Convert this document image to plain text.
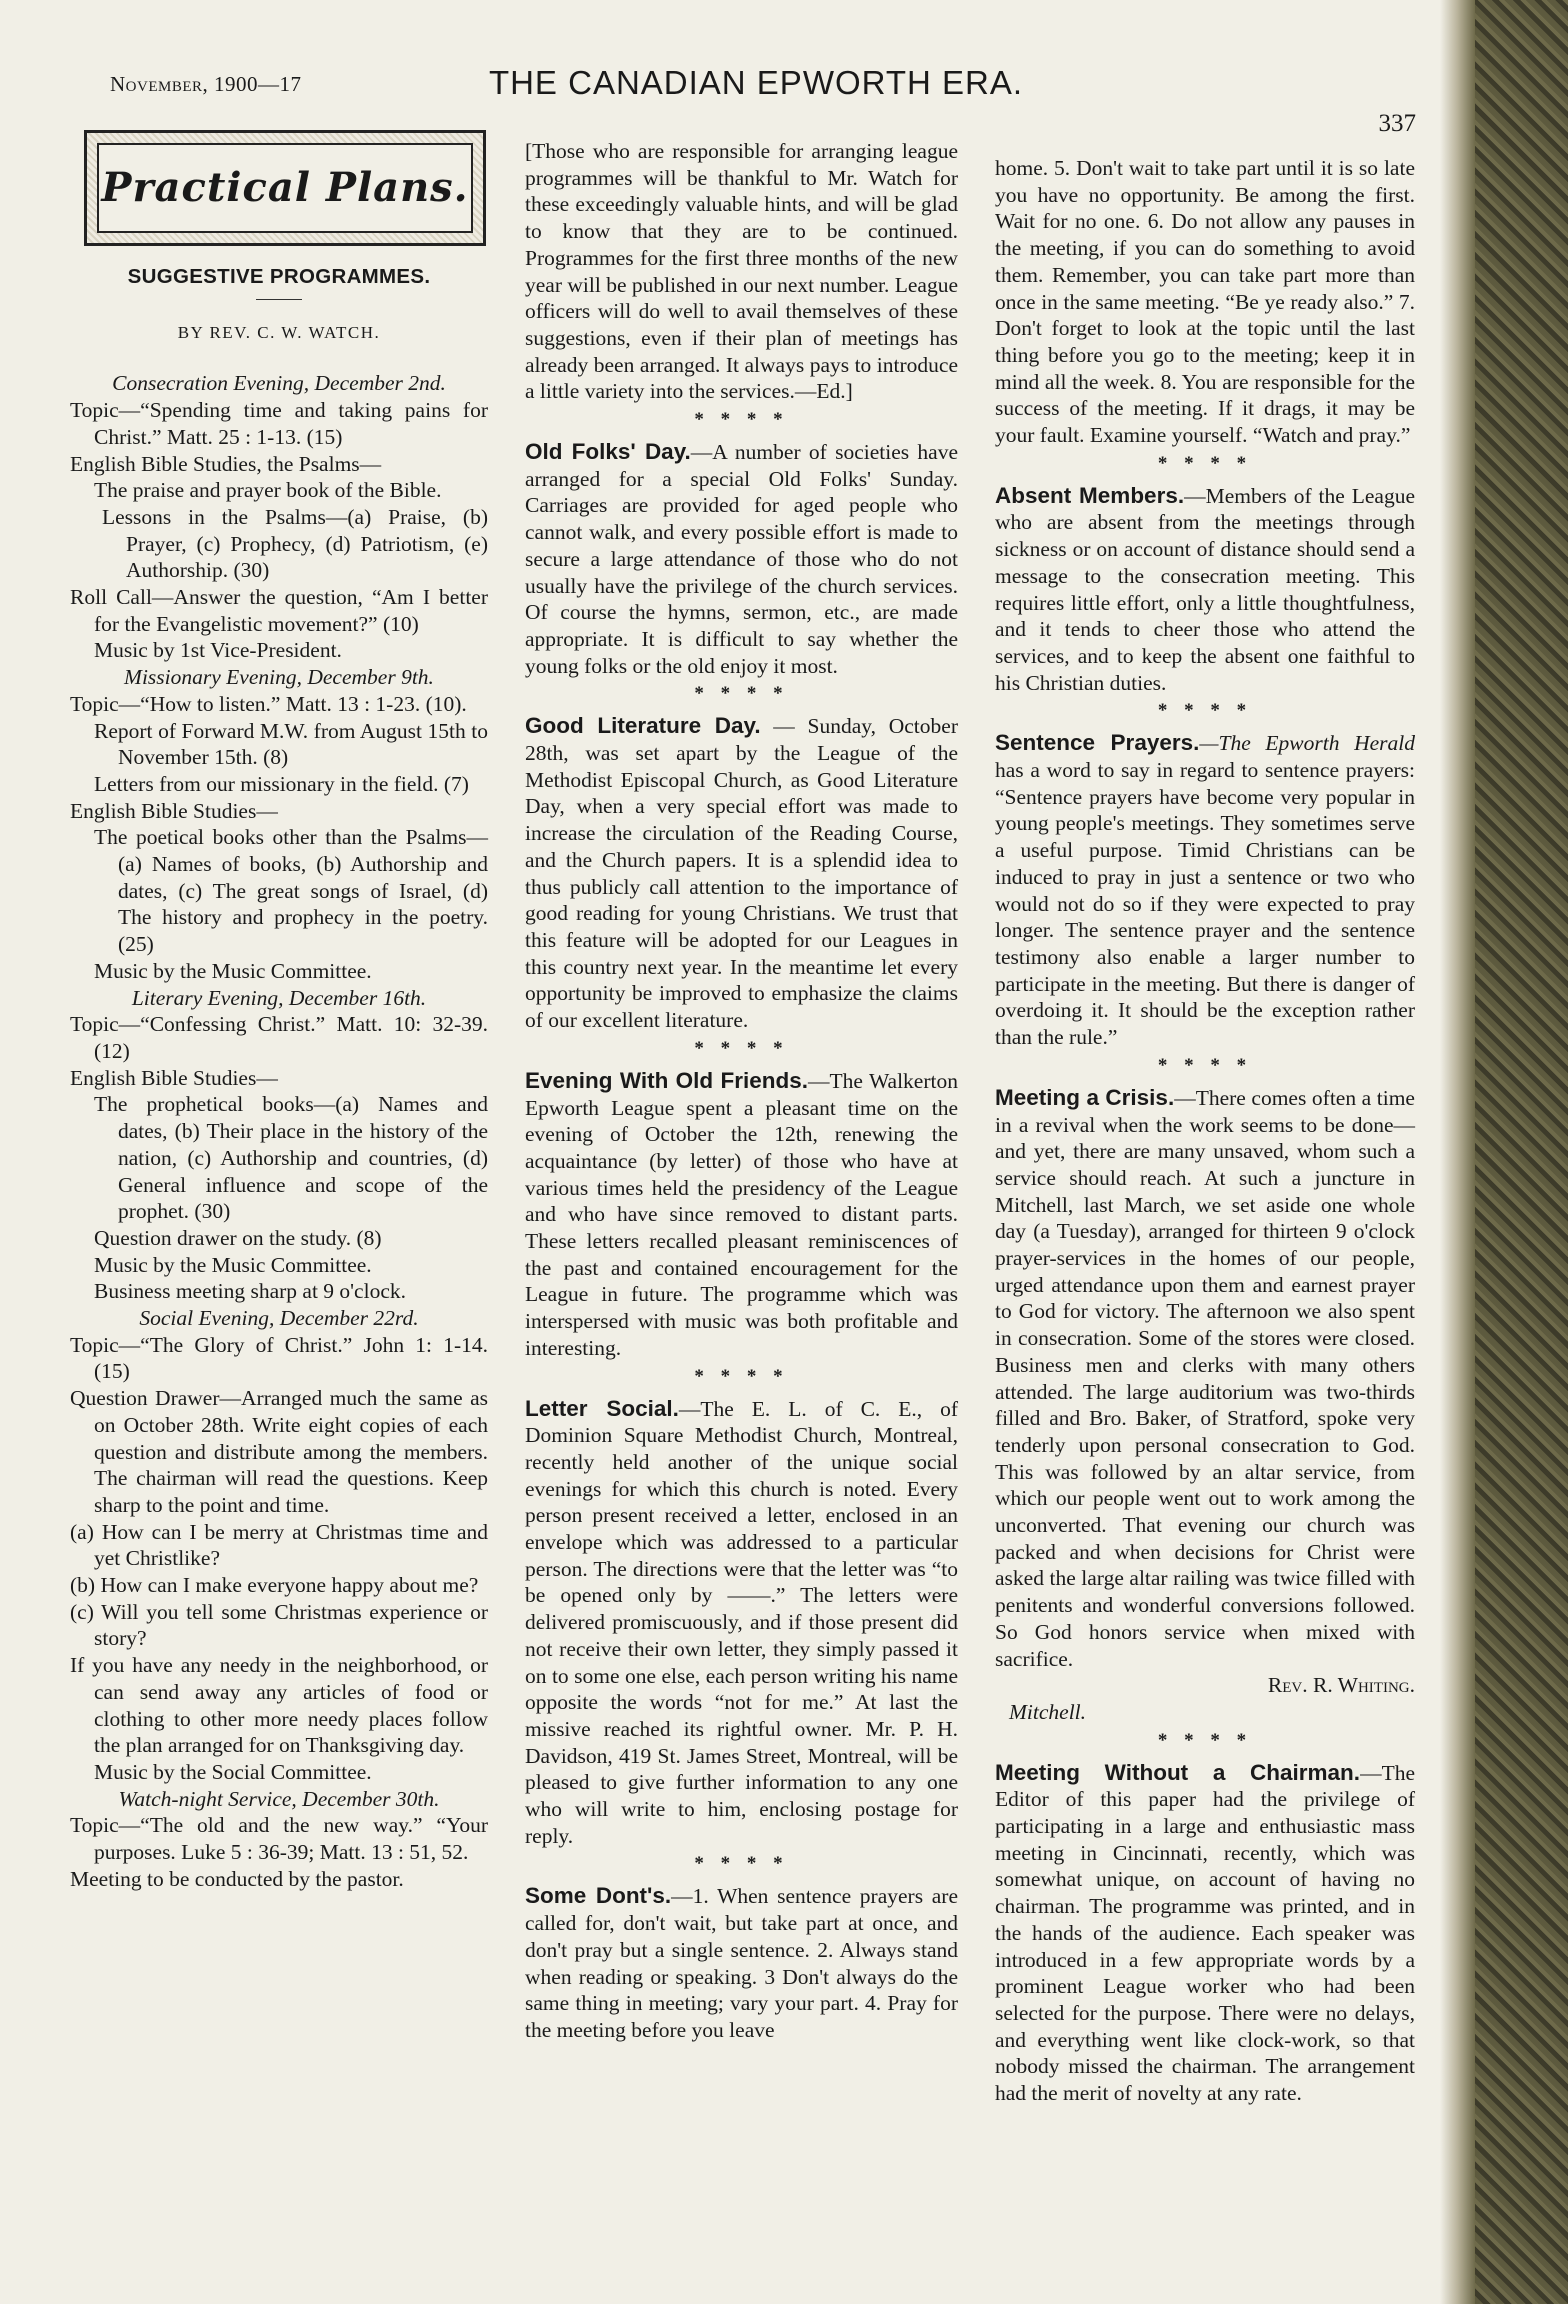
November, 1900—17	THE CANADIAN EPWORTH ERA.
337
Practical Plans.
SUGGESTIVE PROGRAMMES.
BY REV. C. W. WATCH.

Consecration Evening, December 2nd.

Topic—“Spending time and taking pains for Christ.” Matt. 25 : 1-13. (15)

English Bible Studies, the Psalms—

The praise and prayer book of the Bible.

Lessons in the Psalms—(a) Praise, (b) Prayer, (c) Prophecy, (d) Patriotism, (e) Authorship. (30)

Roll Call—Answer the question, “Am I better for the Evangelistic movement?” (10)

Music by 1st Vice-President.

Missionary Evening, December 9th.

Topic—“How to listen.” Matt. 13 : 1-23. (10).

Report of Forward M.W. from August 15th to November 15th. (8)

Letters from our missionary in the field. (7)

English Bible Studies—

The poetical books other than the Psalms—(a) Names of books, (b) Authorship and dates, (c) The great songs of Israel, (d) The history and prophecy in the poetry. (25)

Music by the Music Committee.

Literary Evening, December 16th.

Topic—“Confessing Christ.” Matt. 10: 32-39. (12)

English Bible Studies—

The prophetical books—(a) Names and dates, (b) Their place in the history of the nation, (c) Authorship and countries, (d) General influence and scope of the prophet. (30)

Question drawer on the study. (8)

Music by the Music Committee.

Business meeting sharp at 9 o'clock.

Social Evening, December 22rd.

Topic—“The Glory of Christ.” John 1: 1-14. (15)

Question Drawer—Arranged much the same as on October 28th. Write eight copies of each question and distribute among the members. The chairman will read the questions. Keep sharp to the point and time.

(a) How can I be merry at Christmas time and yet Christlike?

(b) How can I make everyone happy about me?

(c) Will you tell some Christmas experience or story?

If you have any needy in the neighborhood, or can send away any articles of food or clothing to other more needy places follow the plan arranged for on Thanksgiving day.

Music by the Social Committee.

Watch-night Service, December 30th.

Topic—“The old and the new way.” “Your purposes. Luke 5 : 36-39; Matt. 13 : 51, 52.

Meeting to be conducted by the pastor.

[Those who are responsible for arranging league programmes will be thankful to Mr. Watch for these exceedingly valuable hints, and will be glad to know that they are to be continued. Programmes for the first three months of the new year will be published in our next number. League officers will do well to avail themselves of these suggestions, even if their plan of meetings has already been arranged. It always pays to introduce a little variety into the services.—Ed.]

* * * *

Old Folks' Day.—A number of societies have arranged for a special Old Folks' Sunday. Carriages are provided for aged people who cannot walk, and every possible effort is made to secure a large attendance of those who do not usually have the privilege of the church services. Of course the hymns, sermon, etc., are made appropriate. It is difficult to say whether the young folks or the old enjoy it most.

* * * *

Good Literature Day. — Sunday, October 28th, was set apart by the League of the Methodist Episcopal Church, as Good Literature Day, when a very special effort was made to increase the circulation of the Reading Course, and the Church papers. It is a splendid idea to thus publicly call attention to the importance of good reading for young Christians. We trust that this feature will be adopted for our Leagues in this country next year. In the meantime let every opportunity be improved to emphasize the claims of our excellent literature.

* * * *

Evening With Old Friends.—The Walkerton Epworth League spent a pleasant time on the evening of October the 12th, renewing the acquaintance (by letter) of those who have at various times held the presidency of the League and who have since removed to distant parts. These letters recalled pleasant reminiscences of the past and contained encouragement for the League in future. The programme which was interspersed with music was both profitable and interesting.

* * * *

Letter Social.—The E. L. of C. E., of Dominion Square Methodist Church, Montreal, recently held another of the unique social evenings for which this church is noted. Every person present received a letter, enclosed in an envelope which was addressed to a particular person. The directions were that the letter was “to be opened only by ——.” The letters were delivered promiscuously, and if those present did not receive their own letter, they simply passed it on to some one else, each person writing his name opposite the words “not for me.” At last the missive reached its rightful owner. Mr. P. H. Davidson, 419 St. James Street, Montreal, will be pleased to give further information to any one who will write to him, enclosing postage for reply.

* * * *

Some Dont's.—1. When sentence prayers are called for, don't wait, but take part at once, and don't pray but a single sentence. 2. Always stand when reading or speaking. 3 Don't always do the same thing in meeting; vary your part. 4. Pray for the meeting before you leave

home. 5. Don't wait to take part until it is so late you have no opportunity. Be among the first. Wait for no one. 6. Do not allow any pauses in the meeting, if you can do something to avoid them. Remember, you can take part more than once in the same meeting. “Be ye ready also.” 7. Don't forget to look at the topic until the last thing before you go to the meeting; keep it in mind all the week. 8. You are responsible for the success of the meeting. If it drags, it may be your fault. Examine yourself. “Watch and pray.”

* * * *

Absent Members.—Members of the League who are absent from the meetings through sickness or on account of distance should send a message to the consecration meeting. This requires little effort, only a little thoughtfulness, and it tends to cheer those who attend the services, and to keep the absent one faithful to his Christian duties.

* * * *

Sentence Prayers.—The Epworth Herald has a word to say in regard to sentence prayers: “Sentence prayers have become very popular in young people's meetings. They sometimes serve a useful purpose. Timid Christians can be induced to pray in just a sentence or two who would not do so if they were expected to pray longer. The sentence prayer and the sentence testimony also enable a larger number to participate in the meeting. But there is danger of overdoing it. It should be the exception rather than the rule.”

* * * *

Meeting a Crisis.—There comes often a time in a revival when the work seems to be done—and yet, there are many unsaved, whom such a service should reach. At such a juncture in Mitchell, last March, we set aside one whole day (a Tuesday), arranged for thirteen 9 o'clock prayer-services in the homes of our people, urged attendance upon them and earnest prayer to God for victory. The afternoon we also spent in consecration. Some of the stores were closed. Business men and clerks with many others attended. The large auditorium was two-thirds filled and Bro. Baker, of Stratford, spoke very tenderly upon personal consecration to God. This was followed by an altar service, from which our people went out to work among the unconverted. That evening our church was packed and when decisions for Christ were asked the large altar railing was twice filled with penitents and wonderful conversions followed. So God honors service when mixed with sacrifice.

Rev. R. Whiting.

Mitchell.

* * * *

Meeting Without a Chairman.—The Editor of this paper had the privilege of participating in a large and enthusiastic mass meeting in Cincinnati, recently, which was somewhat unique, on account of having no chairman. The programme was printed, and in the hands of the audience. Each speaker was introduced in a few appropriate words by a prominent League worker who had been selected for the purpose. There were no delays, and everything went like clock-work, so that nobody missed the chairman. The arrangement had the merit of novelty at any rate.
